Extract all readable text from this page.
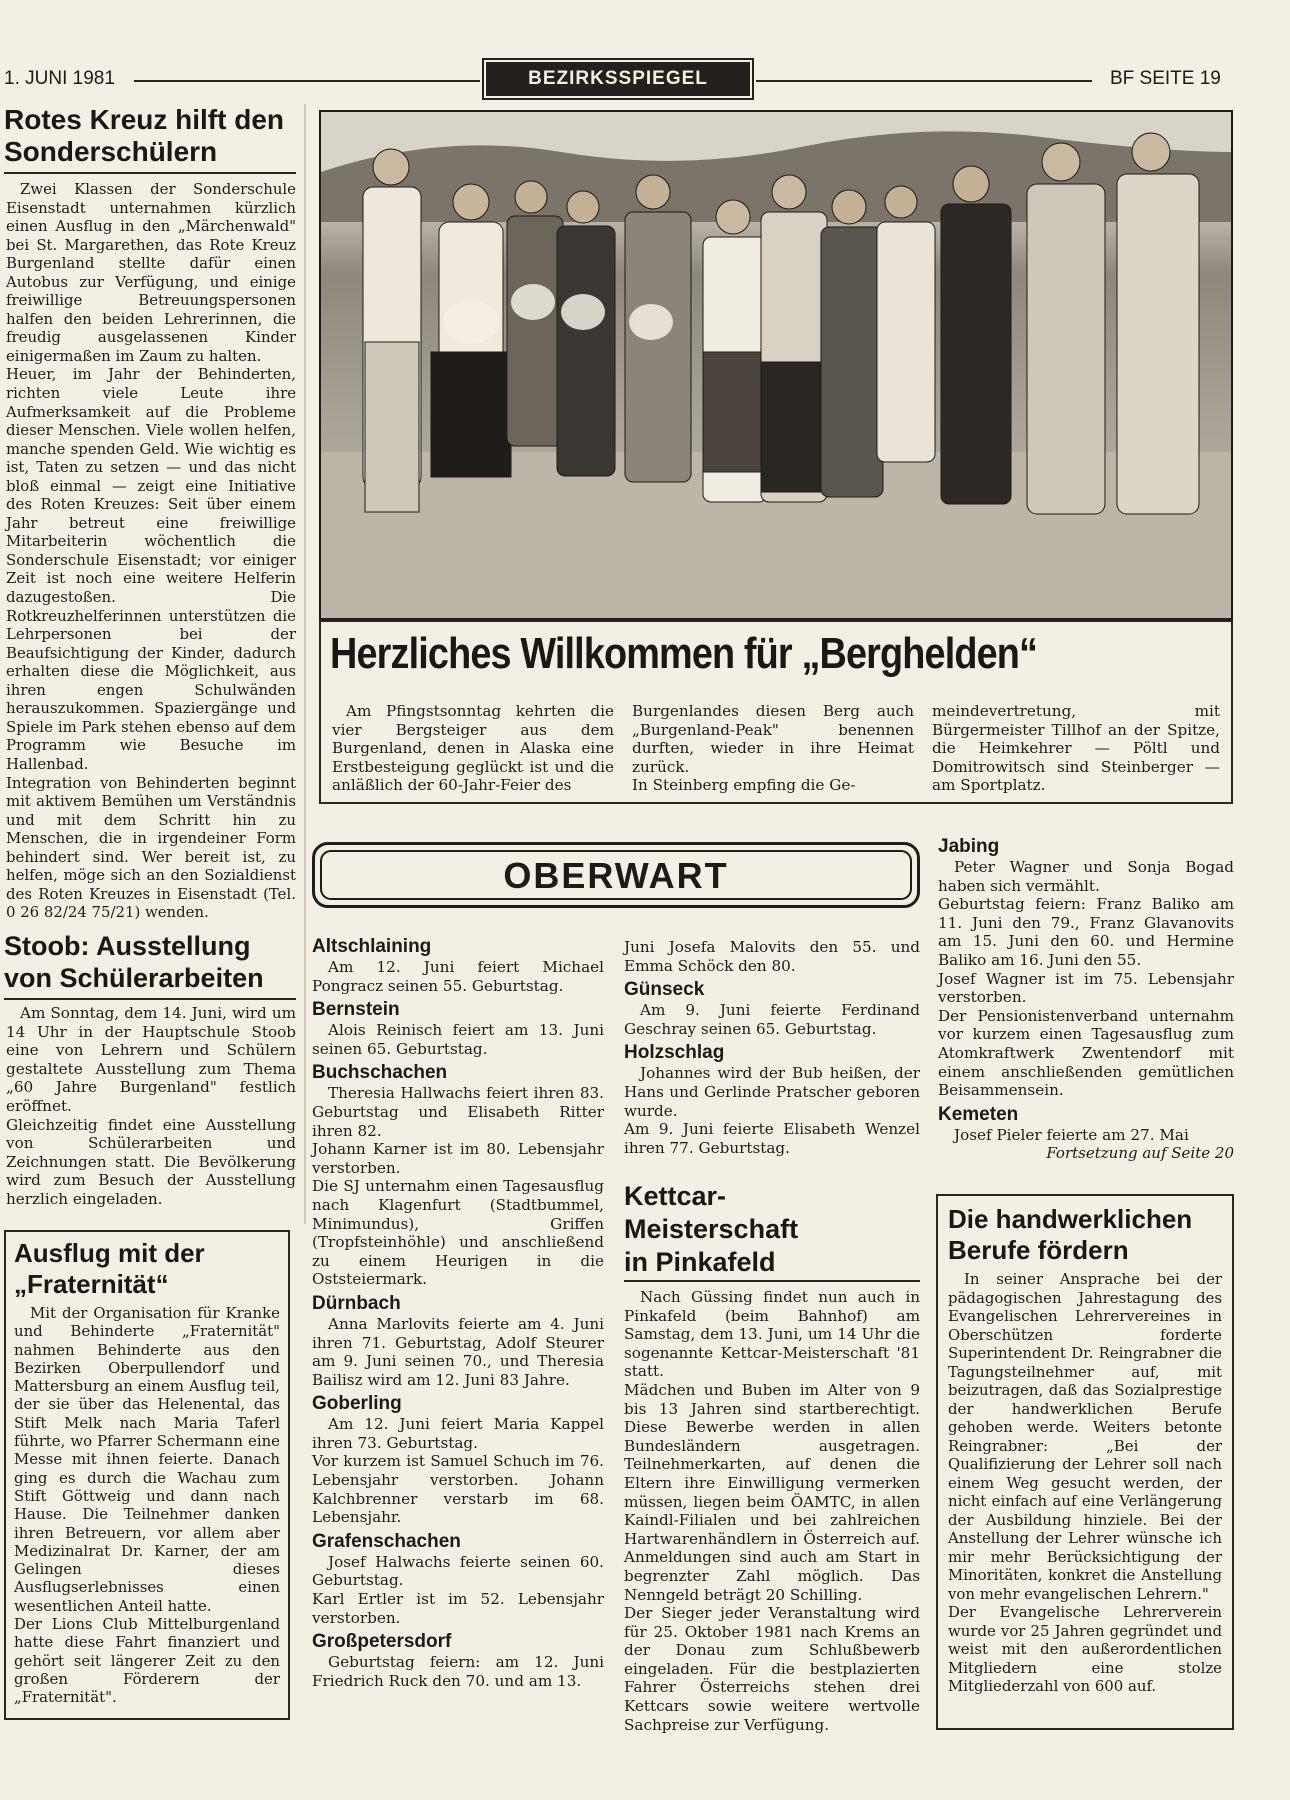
1. JUNI 1981	BEZIRKSSPIEGEL	BF SEITE 19
Rotes Kreuz hilft den
Sonderschülern
Zwei Klassen der Sonderschule Eisenstadt unternahmen kürzlich einen Ausflug in den „Märchenwald" bei St. Margarethen, das Rote Kreuz Burgenland stellte dafür einen Autobus zur Verfügung, und einige freiwillige Betreuungspersonen halfen den beiden Lehrerinnen, die freudig ausgelassenen Kinder einigermaßen im Zaum zu halten.
Heuer, im Jahr der Behinderten, richten viele Leute ihre Aufmerksamkeit auf die Probleme dieser Menschen. Viele wollen helfen, manche spenden Geld. Wie wichtig es ist, Taten zu setzen — und das nicht bloß einmal — zeigt eine Initiative des Roten Kreuzes: Seit über einem Jahr betreut eine freiwillige Mitarbeiterin wöchentlich die Sonderschule Eisenstadt; vor einiger Zeit ist noch eine weitere Helferin dazugestoßen. Die Rotkreuzhelferinnen unterstützen die Lehrpersonen bei der Beaufsichtigung der Kinder, dadurch erhalten diese die Möglichkeit, aus ihren engen Schulwänden herauszukommen. Spaziergänge und Spiele im Park stehen ebenso auf dem Programm wie Besuche im Hallenbad.
Integration von Behinderten beginnt mit aktivem Bemühen um Verständnis und mit dem Schritt hin zu Menschen, die in irgendeiner Form behindert sind. Wer bereit ist, zu helfen, möge sich an den Sozialdienst des Roten Kreuzes in Eisenstadt (Tel. 0 26 82/24 75/21) wenden.
Stoob: Ausstellung
von Schülerarbeiten
Am Sonntag, dem 14. Juni, wird um 14 Uhr in der Hauptschule Stoob eine von Lehrern und Schülern gestaltete Ausstellung zum Thema „60 Jahre Burgenland" festlich eröffnet.
Gleichzeitig findet eine Ausstellung von Schülerarbeiten und Zeichnungen statt. Die Bevölkerung wird zum Besuch der Ausstellung herzlich eingeladen.
Ausflug mit der
„Fraternität“
Mit der Organisation für Kranke und Behinderte „Fraternität" nahmen Behinderte aus den Bezirken Oberpullendorf und Mattersburg an einem Ausflug teil, der sie über das Helenental, das Stift Melk nach Maria Taferl führte, wo Pfarrer Schermann eine Messe mit ihnen feierte. Danach ging es durch die Wachau zum Stift Göttweig und dann nach Hause. Die Teilnehmer danken ihren Betreuern, vor allem aber Medizinalrat Dr. Karner, der am Gelingen dieses Ausflugserlebnisses einen wesentlichen Anteil hatte.
Der Lions Club Mittelburgenland hatte diese Fahrt finanziert und gehört seit längerer Zeit zu den großen Förderern der „Fraternität".
Herzliches Willkommen für „Berghelden“
Am Pfingstsonntag kehrten die vier Bergsteiger aus dem Burgenland, denen in Alaska eine Erstbesteigung geglückt ist und die anläßlich der 60-Jahr-Feier des
Burgenlandes diesen Berg auch „Burgenland-Peak" benennen durften, wieder in ihre Heimat zurück.
In Steinberg empfing die Ge-
meindevertretung, mit Bürgermeister Tillhof an der Spitze, die Heimkehrer — Pöltl und Domitrowitsch sind Steinberger — am Sportplatz.
OBERWART
Altschlaining
Am 12. Juni feiert Michael Pongracz seinen 55. Geburtstag.
Bernstein
Alois Reinisch feiert am 13. Juni seinen 65. Geburtstag.
Buchschachen
Theresia Hallwachs feiert ihren 83. Geburtstag und Elisabeth Ritter ihren 82.
Johann Karner ist im 80. Lebensjahr verstorben.
Die SJ unternahm einen Tagesausflug nach Klagenfurt (Stadtbummel, Minimundus), Griffen (Tropfsteinhöhle) und anschließend zu einem Heurigen in die Oststeiermark.
Dürnbach
Anna Marlovits feierte am 4. Juni ihren 71. Geburtstag, Adolf Steurer am 9. Juni seinen 70., und Theresia Bailisz wird am 12. Juni 83 Jahre.
Goberling
Am 12. Juni feiert Maria Kappel ihren 73. Geburtstag.
Vor kurzem ist Samuel Schuch im 76. Lebensjahr verstorben. Johann Kalchbrenner verstarb im 68. Lebensjahr.
Grafenschachen
Josef Halwachs feierte seinen 60. Geburtstag.
Karl Ertler ist im 52. Lebensjahr verstorben.
Großpetersdorf
Geburtstag feiern: am 12. Juni Friedrich Ruck den 70. und am 13.
Juni Josefa Malovits den 55. und Emma Schöck den 80.
Günseck
Am 9. Juni feierte Ferdinand Geschray seinen 65. Geburtstag.
Holzschlag
Johannes wird der Bub heißen, der Hans und Gerlinde Pratscher geboren wurde.
Am 9. Juni feierte Elisabeth Wenzel ihren 77. Geburtstag.
Kettcar-
Meisterschaft
in Pinkafeld
Nach Güssing findet nun auch in Pinkafeld (beim Bahnhof) am Samstag, dem 13. Juni, um 14 Uhr die sogenannte Kettcar-Meisterschaft '81 statt.
Mädchen und Buben im Alter von 9 bis 13 Jahren sind startberechtigt. Diese Bewerbe werden in allen Bundesländern ausgetragen. Teilnehmerkarten, auf denen die Eltern ihre Einwilligung vermerken müssen, liegen beim ÖAMTC, in allen Kaindl-Filialen und bei zahlreichen Hartwarenhändlern in Österreich auf. Anmeldungen sind auch am Start in begrenzter Zahl möglich. Das Nenngeld beträgt 20 Schilling.
Der Sieger jeder Veranstaltung wird für 25. Oktober 1981 nach Krems an der Donau zum Schlußbewerb eingeladen. Für die bestplazierten Fahrer Österreichs stehen drei Kettcars sowie weitere wertvolle Sachpreise zur Verfügung.
Jabing
Peter Wagner und Sonja Bogad haben sich vermählt.
Geburtstag feiern: Franz Baliko am 11. Juni den 79., Franz Glavanovits am 15. Juni den 60. und Hermine Baliko am 16. Juni den 55.
Josef Wagner ist im 75. Lebensjahr verstorben.
Der Pensionistenverband unternahm vor kurzem einen Tagesausflug zum Atomkraftwerk Zwentendorf mit einem anschließenden gemütlichen Beisammensein.
Kemeten
Josef Pieler feierte am 27. Mai
Fortsetzung auf Seite 20
Die handwerklichen
Berufe fördern
In seiner Ansprache bei der pädagogischen Jahrestagung des Evangelischen Lehrervereines in Oberschützen forderte Superintendent Dr. Reingrabner die Tagungsteilnehmer auf, mit beizutragen, daß das Sozialprestige der handwerklichen Berufe gehoben werde. Weiters betonte Reingrabner: „Bei der Qualifizierung der Lehrer soll nach einem Weg gesucht werden, der nicht einfach auf eine Verlängerung der Ausbildung hinziele. Bei der Anstellung der Lehrer wünsche ich mir mehr Berücksichtigung der Minoritäten, konkret die Anstellung von mehr evangelischen Lehrern."
Der Evangelische Lehrerverein wurde vor 25 Jahren gegründet und weist mit den außerordentlichen Mitgliedern eine stolze Mitgliederzahl von 600 auf.
